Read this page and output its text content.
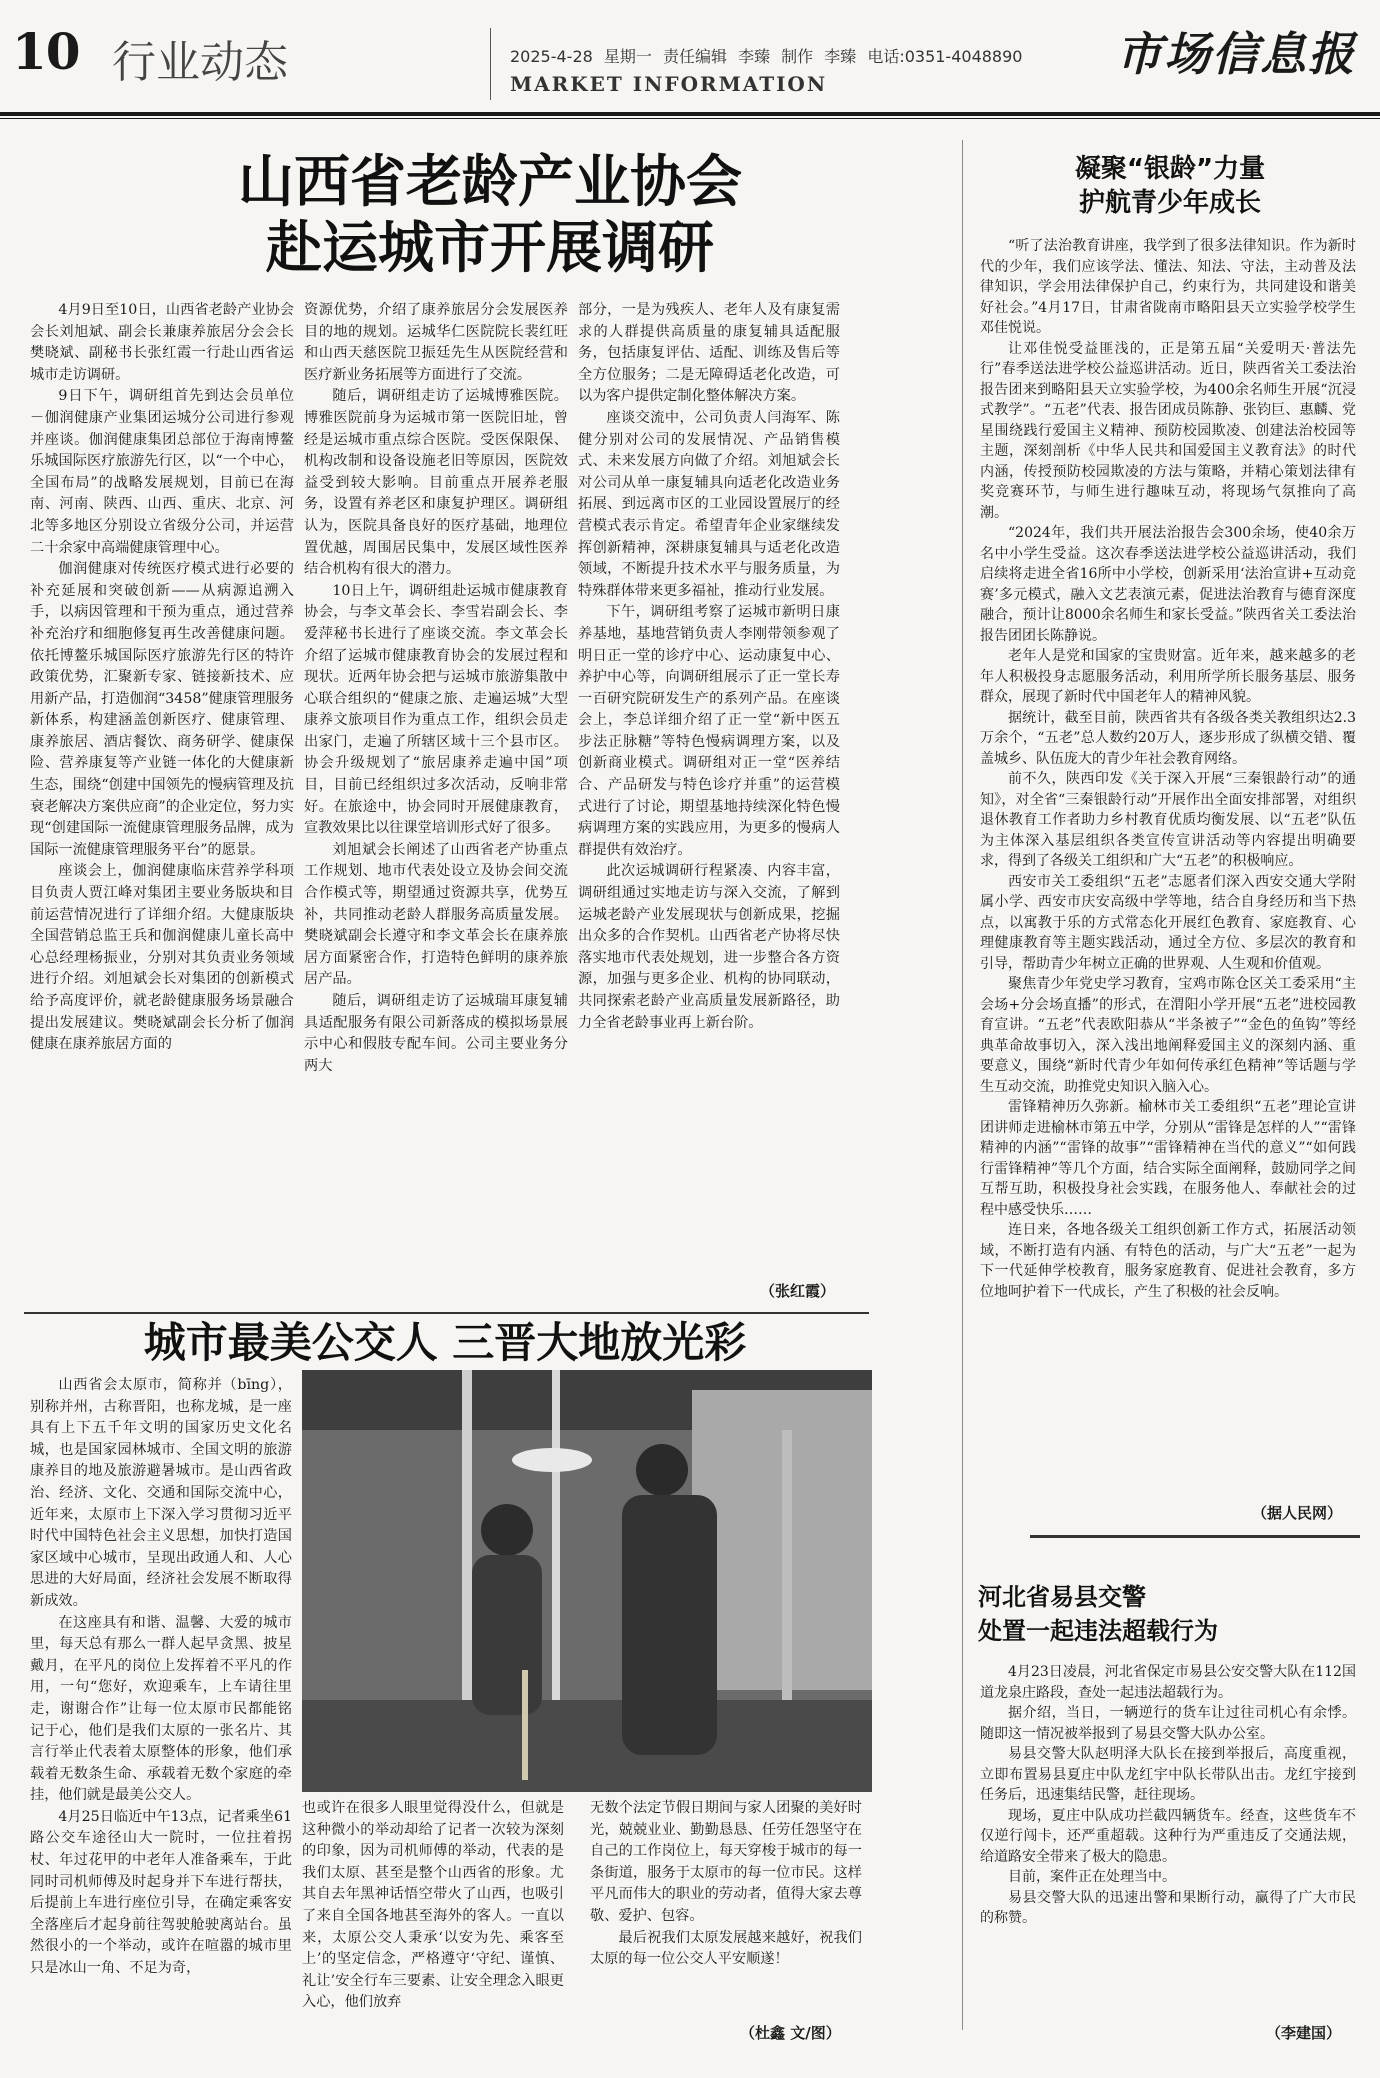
10 行业动态	2025-4-28 星期一 责任编辑 李臻 制作 李臻 电话:0351-4048890
MARKET INFORMATION
市场信息报
山西省老龄产业协会
赴运城市开展调研

4月9日至10日，山西省老龄产业协会会长刘旭斌、副会长兼康养旅居分会会长樊晓斌、副秘书长张红霞一行赴山西省运城市走访调研。

9日下午，调研组首先到达会员单位－伽润健康产业集团运城分公司进行参观并座谈。伽润健康集团总部位于海南博鳌乐城国际医疗旅游先行区，以“一个中心，全国布局”的战略发展规划，目前已在海南、河南、陕西、山西、重庆、北京、河北等多地区分别设立省级分公司，并运营二十余家中高端健康管理中心。

伽润健康对传统医疗模式进行必要的补充延展和突破创新——从病源追溯入手，以病因管理和干预为重点，通过营养补充治疗和细胞修复再生改善健康问题。依托博鳌乐城国际医疗旅游先行区的特许政策优势，汇聚新专家、链接新技术、应用新产品，打造伽润“3458”健康管理服务新体系，构建涵盖创新医疗、健康管理、康养旅居、酒店餐饮、商务研学、健康保险、营养康复等产业链一体化的大健康新生态，围绕“创建中国领先的慢病管理及抗衰老解决方案供应商”的企业定位，努力实现“创建国际一流健康管理服务品牌，成为国际一流健康管理服务平台”的愿景。

座谈会上，伽润健康临床营养学科项目负责人贾江峰对集团主要业务版块和目前运营情况进行了详细介绍。大健康版块全国营销总监王兵和伽润健康儿童长高中心总经理杨振业，分别对其负责业务领域进行介绍。刘旭斌会长对集团的创新模式给予高度评价，就老龄健康服务场景融合提出发展建议。樊晓斌副会长分析了伽润健康在康养旅居方面的

资源优势，介绍了康养旅居分会发展医养目的地的规划。运城华仁医院院长裴红旺和山西天慈医院卫振廷先生从医院经营和医疗新业务拓展等方面进行了交流。

随后，调研组走访了运城博雅医院。博雅医院前身为运城市第一医院旧址，曾经是运城市重点综合医院。受医保限保、机构改制和设备设施老旧等原因，医院效益受到较大影响。目前重点开展养老服务，设置有养老区和康复护理区。调研组认为，医院具备良好的医疗基础，地理位置优越，周围居民集中，发展区域性医养结合机构有很大的潜力。

10日上午，调研组赴运城市健康教育协会，与李文革会长、李雪岩副会长、李爱萍秘书长进行了座谈交流。李文革会长介绍了运城市健康教育协会的发展过程和现状。近两年协会把与运城市旅游集散中心联合组织的“健康之旅、走遍运城”大型康养文旅项目作为重点工作，组织会员走出家门，走遍了所辖区域十三个县市区。协会升级规划了“旅居康养走遍中国”项目，目前已经组织过多次活动，反响非常好。在旅途中，协会同时开展健康教育，宣教效果比以往课堂培训形式好了很多。

刘旭斌会长阐述了山西省老产协重点工作规划、地市代表处设立及协会间交流合作模式等，期望通过资源共享，优势互补，共同推动老龄人群服务高质量发展。樊晓斌副会长遵守和李文革会长在康养旅居方面紧密合作，打造特色鲜明的康养旅居产品。

随后，调研组走访了运城瑞耳康复辅具适配服务有限公司新落成的模拟场景展示中心和假肢专配车间。公司主要业务分两大

部分，一是为残疾人、老年人及有康复需求的人群提供高质量的康复辅具适配服务，包括康复评估、适配、训练及售后等全方位服务；二是无障碍适老化改造，可以为客户提供定制化整体解决方案。

座谈交流中，公司负责人闫海军、陈健分别对公司的发展情况、产品销售模式、未来发展方向做了介绍。刘旭斌会长对公司从单一康复辅具向适老化改造业务拓展、到远离市区的工业园设置展厅的经营模式表示肯定。希望青年企业家继续发挥创新精神，深耕康复辅具与适老化改造领域，不断提升技术水平与服务质量，为特殊群体带来更多福祉，推动行业发展。

下午，调研组考察了运城市新明日康养基地，基地营销负责人李刚带领参观了明日正一堂的诊疗中心、运动康复中心、养护中心等，向调研组展示了正一堂长寿一百研究院研发生产的系列产品。在座谈会上，李总详细介绍了正一堂“新中医五步法正脉糖”等特色慢病调理方案，以及创新商业模式。调研组对正一堂“医养结合、产品研发与特色诊疗并重”的运营模式进行了讨论，期望基地持续深化特色慢病调理方案的实践应用，为更多的慢病人群提供有效治疗。

此次运城调研行程紧凑、内容丰富，调研组通过实地走访与深入交流，了解到运城老龄产业发展现状与创新成果，挖掘出众多的合作契机。山西省老产协将尽快落实地市代表处规划，进一步整合各方资源，加强与更多企业、机构的协同联动，共同探索老龄产业高质量发展新路径，助力全省老龄事业再上新台阶。

（张红霞）
城市最美公交人 三晋大地放光彩

山西省会太原市，简称并（bīng），别称并州，古称晋阳，也称龙城，是一座具有上下五千年文明的国家历史文化名城，也是国家园林城市、全国文明的旅游康养目的地及旅游避暑城市。是山西省政治、经济、文化、交通和国际交流中心，近年来，太原市上下深入学习贯彻习近平时代中国特色社会主义思想，加快打造国家区域中心城市，呈现出政通人和、人心思进的大好局面，经济社会发展不断取得新成效。

在这座具有和谐、温馨、大爱的城市里，每天总有那么一群人起早贪黑、披星戴月，在平凡的岗位上发挥着不平凡的作用，一句“您好，欢迎乘车，上车请往里走，谢谢合作”让每一位太原市民都能铭记于心，他们是我们太原的一张名片、其言行举止代表着太原整体的形象，他们承载着无数条生命、承载着无数个家庭的牵挂，他们就是最美公交人。

4月25日临近中午13点，记者乘坐61路公交车途径山大一院时，一位拄着拐杖、年过花甲的中老年人准备乘车，于此同时司机师傅及时起身并下车进行帮扶，后提前上车进行座位引导，在确定乘客安全落座后才起身前往驾驶舱驶离站台。虽然很小的一个举动，或许在喧嚣的城市里只是冰山一角、不足为奇，

也或许在很多人眼里觉得没什么，但就是这种微小的举动却给了记者一次较为深刻的印象，因为司机师傅的举动，代表的是我们太原、甚至是整个山西省的形象。尤其自去年黑神话悟空带火了山西，也吸引了来自全国各地甚至海外的客人。一直以来，太原公交人秉承‘以安为先、乘客至上’的坚定信念，严格遵守‘守纪、谨慎、礼让’安全行车三要素、让安全理念入眼更入心，他们放弃

无数个法定节假日期间与家人团聚的美好时光，兢兢业业、勤勤恳恳、任劳任怨坚守在自己的工作岗位上，每天穿梭于城市的每一条街道，服务于太原市的每一位市民。这样平凡而伟大的职业的劳动者，值得大家去尊敬、爱护、包容。

最后祝我们太原发展越来越好，祝我们太原的每一位公交人平安顺遂！

（杜鑫 文/图）
凝聚“银龄”力量
护航青少年成长

“听了法治教育讲座，我学到了很多法律知识。作为新时代的少年，我们应该学法、懂法、知法、守法，主动普及法律知识，学会用法律保护自己，约束行为，共同建设和谐美好社会。”4月17日，甘肃省陇南市略阳县天立实验学校学生邓佳悦说。

让邓佳悦受益匪浅的，正是第五届“关爱明天·普法先行”春季送法进学校公益巡讲活动。近日，陕西省关工委法治报告团来到略阳县天立实验学校，为400余名师生开展“沉浸式教学”。“五老”代表、报告团成员陈静、张钧巨、惠麟、党星围绕践行爱国主义精神、预防校园欺凌、创建法治校园等主题，深刻剖析《中华人民共和国爱国主义教育法》的时代内涵，传授预防校园欺凌的方法与策略，并精心策划法律有奖竞赛环节，与师生进行趣味互动，将现场气氛推向了高潮。

“2024年，我们共开展法治报告会300余场，使40余万名中小学生受益。这次春季送法进学校公益巡讲活动，我们启续将走进全省16所中小学校，创新采用‘法治宣讲+互动竞赛’多元模式，融入文艺表演元素，促进法治教育与德育深度融合，预计让8000余名师生和家长受益。”陕西省关工委法治报告团团长陈静说。

老年人是党和国家的宝贵财富。近年来，越来越多的老年人积极投身志愿服务活动，利用所学所长服务基层、服务群众，展现了新时代中国老年人的精神风貌。

据统计，截至目前，陕西省共有各级各类关教组织达2.3万余个，“五老”总人数约20万人，逐步形成了纵横交错、覆盖城乡、队伍庞大的青少年社会教育网络。

前不久，陕西印发《关于深入开展“三秦银龄行动”的通知》，对全省“三秦银龄行动”开展作出全面安排部署，对组织退休教育工作者助力乡村教育优质均衡发展、以“五老”队伍为主体深入基层组织各类宣传宣讲活动等内容提出明确要求，得到了各级关工组织和广大“五老”的积极响应。

西安市关工委组织“五老”志愿者们深入西安交通大学附属小学、西安市庆安高级中学等地，结合自身经历和当下热点，以寓教于乐的方式常态化开展红色教育、家庭教育、心理健康教育等主题实践活动，通过全方位、多层次的教育和引导，帮助青少年树立正确的世界观、人生观和价值观。

聚焦青少年党史学习教育，宝鸡市陈仓区关工委采用“主会场+分会场直播”的形式，在渭阳小学开展“五老”进校园教育宣讲。“五老”代表欧阳恭从“半条被子”“金色的鱼钩”等经典革命故事切入，深入浅出地阐释爱国主义的深刻内涵、重要意义，围绕“新时代青少年如何传承红色精神”等话题与学生互动交流，助推党史知识入脑入心。

雷锋精神历久弥新。榆林市关工委组织“五老”理论宣讲团讲师走进榆林市第五中学，分别从“雷锋是怎样的人”“雷锋精神的内涵”“雷锋的故事”“雷锋精神在当代的意义”“如何践行雷锋精神”等几个方面，结合实际全面阐释，鼓励同学之间互帮互助，积极投身社会实践，在服务他人、奉献社会的过程中感受快乐……

连日来，各地各级关工组织创新工作方式，拓展活动领域，不断打造有内涵、有特色的活动，与广大“五老”一起为下一代延伸学校教育，服务家庭教育、促进社会教育，多方位地呵护着下一代成长，产生了积极的社会反响。

（据人民网）
河北省易县交警
处置一起违法超载行为

4月23日凌晨，河北省保定市易县公安交警大队在112国道龙泉庄路段，查处一起违法超载行为。

据介绍，当日，一辆逆行的货车让过往司机心有余悸。随即这一情况被举报到了易县交警大队办公室。

易县交警大队赵明泽大队长在接到举报后，高度重视，立即布置易县夏庄中队龙红宇中队长带队出击。龙红宇接到任务后，迅速集结民警，赶往现场。

现场，夏庄中队成功拦截四辆货车。经查，这些货车不仅逆行闯卡，还严重超载。这种行为严重违反了交通法规，给道路安全带来了极大的隐患。

目前，案件正在处理当中。

易县交警大队的迅速出警和果断行动，赢得了广大市民的称赞。

（李建国）
